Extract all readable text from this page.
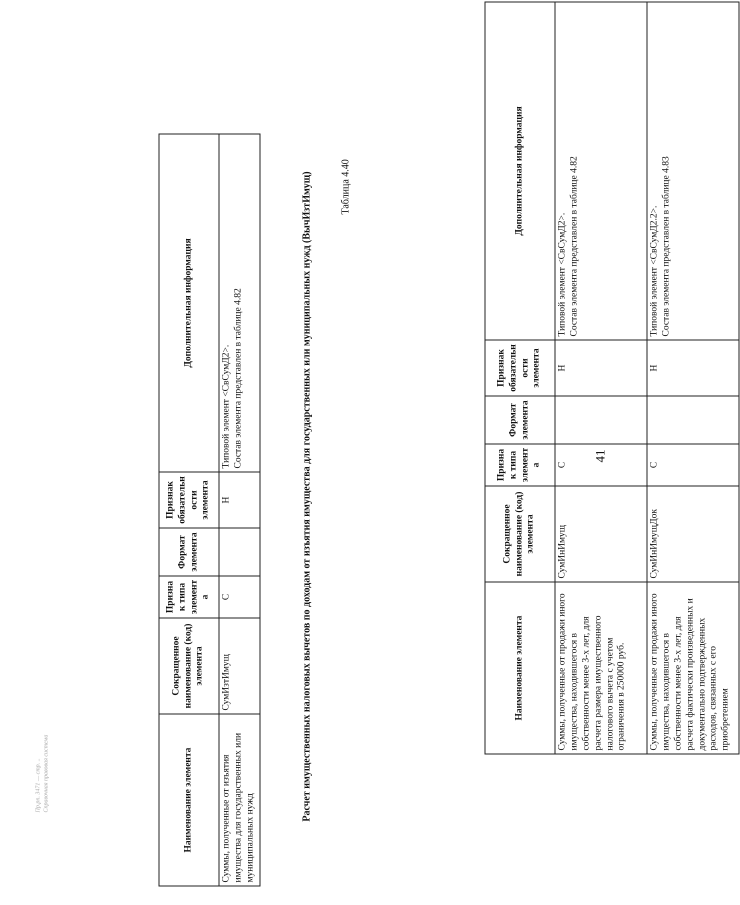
41
Наименование элемента	Сокращенное наименование (код) элемента	Признак типа элемента	Формат элемента	Признак обязательности элемента	Дополнительная информация
Суммы, полученные от продажи иного имущества, находившегося в собственности менее 3-х лет, для расчета размера имущественного налогового вычета с учетом ограничения в 250000 руб.	СумИнИмущ	С		Н	Типовой элемент <СвСумД2>. Состав элемента представлен в таблице 4.82

Суммы, полученные от продажи иного имущества, находившегося в собственности менее 3-х лет, для расчета фактически произведенных и документально подтвержденных расходов, связанных с его приобретением	СумИнИмущДок	С		Н	Типовой элемент <СвСумД2.2>. Состав элемента представлен в таблице 4.83
Таблица 4.40
Расчет имущественных налоговых вычетов по доходам от изъятия имущества для государственных или муниципальных нужд (ВычИзтИмущ)
Наименование элемента	Сокращенное наименование (код) элемента	Признак типа элемента	Формат элемента	Признак обязательности элемента	Дополнительная информация
Суммы, полученные от изъятия имущества для государственных или муниципальных нужд	СумИзтИмущ	С		Н	Типовой элемент <СвСумД2>. Состав элемента представлен в таблице 4.82
Пр.рп. 3471 — стр. .. Справочная правовая система
